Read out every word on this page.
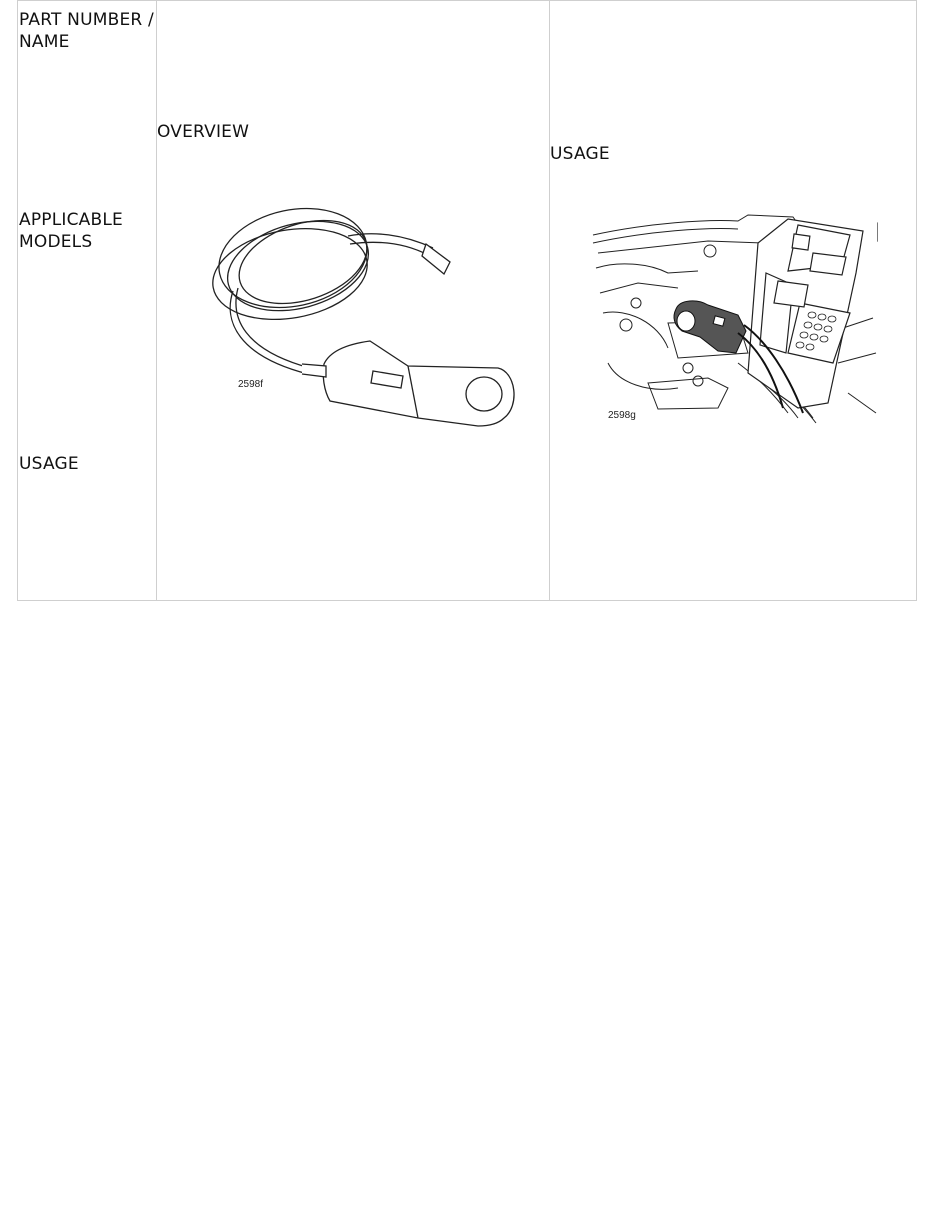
PART NUMBER / NAME
APPLICABLE MODELS
USAGE
OVERVIEW
USAGE
2598f
2598g
